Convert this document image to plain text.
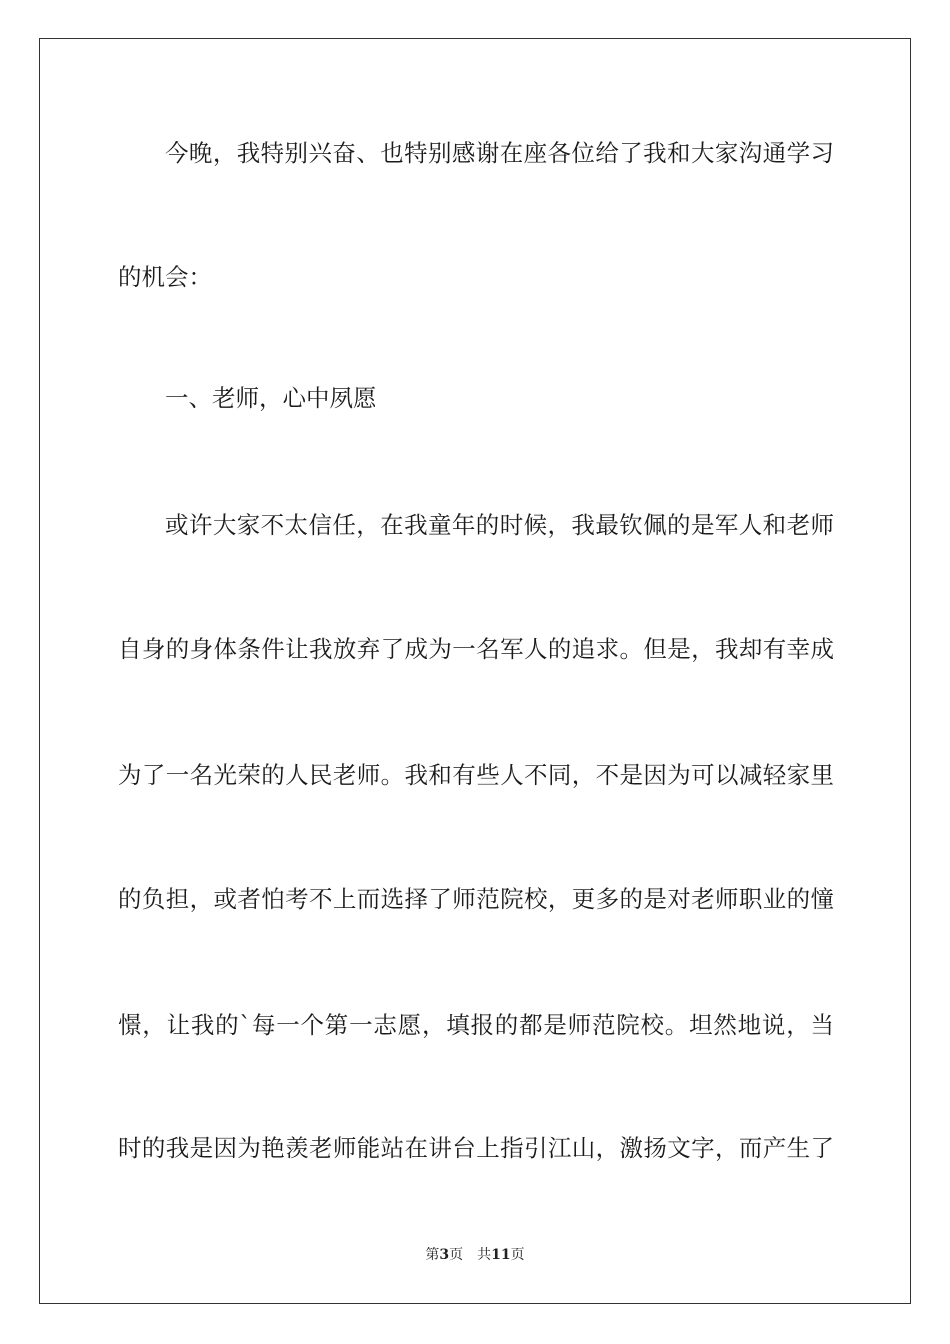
今晚，我特别兴奋、也特别感谢在座各位给了我和大家沟通学习
的机会：
一、老师，心中夙愿
或许大家不太信任，在我童年的时候，我最钦佩的是军人和老师
自身的身体条件让我放弃了成为一名军人的追求。但是，我却有幸成
为了一名光荣的人民老师。我和有些人不同，不是因为可以减轻家里
的负担，或者怕考不上而选择了师范院校，更多的是对老师职业的憧
憬，让我的`每一个第一志愿，填报的都是师范院校。坦然地说，当
时的我是因为艳羡老师能站在讲台上指引江山，激扬文字，而产生了
第3页 共11页
